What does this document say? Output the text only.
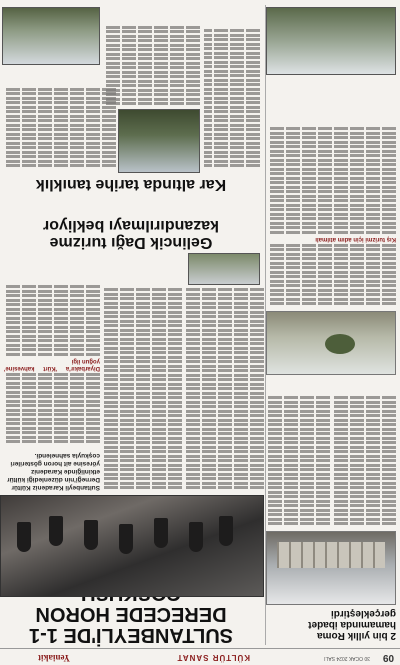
09
30 OCAK 2024 SALI
KÜLTÜR SANAT
Yeniakit
SULTANBEYLİ'DE 1-1 DERECEDE HORON
Sultanbeyli Karadeniz Kültür Derneği'nin düzenlediği kültür etkinliğinde Karadeniz yöresine ait horon gösterileri coşkuyla sahnelendi.
Diyarbakır'a 'Kürt kahvesine' yoğun ilgi
2 bin yıllık Roma hamamında ibadet gerçekleştirdi
Kış turizmi için adım atılmalı
Gelincik Dağı turizme kazandırılmayı bekliyor
Kar altında tarihe tanıklık
